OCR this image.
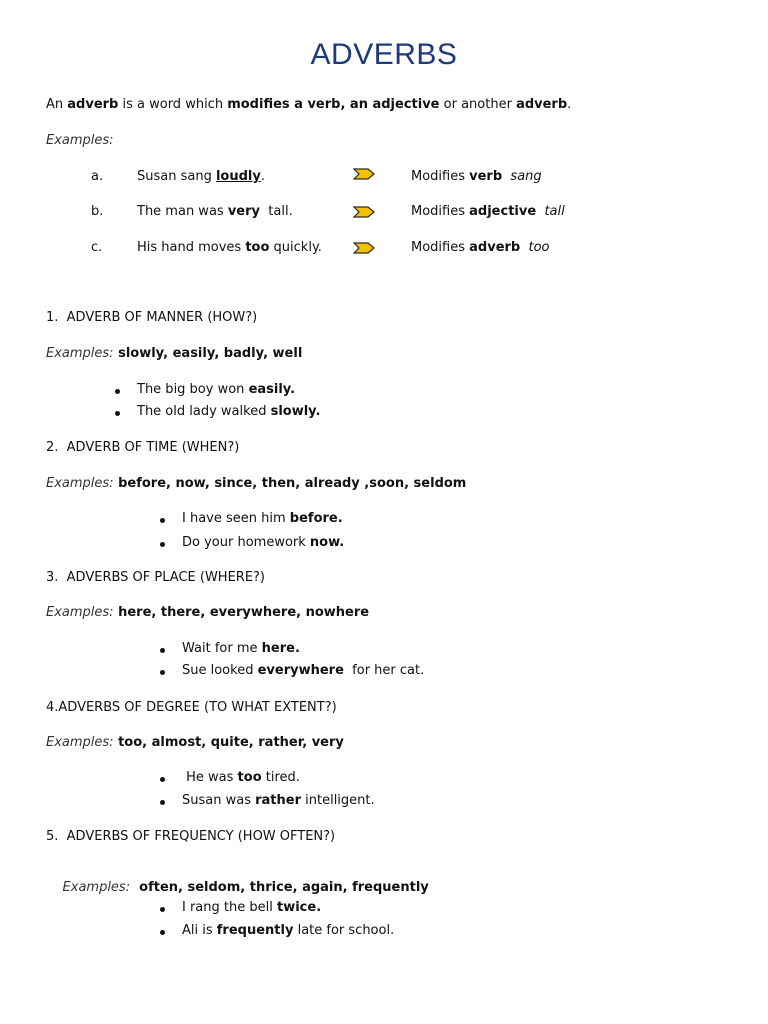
ADVERBS
An adverb is a word which modifies a verb, an adjective or another adverb.
Examples:
a.	Susan sang loudly.	Modifies verb sang
b.	The man was very  tall.	Modifies adjective tall
c.	His hand moves too quickly.	Modifies adverb too
1.  ADVERB OF MANNER (HOW?)
Examples: slowly, easily, badly, well
The big boy won easily.
The old lady walked slowly.
2.  ADVERB OF TIME (WHEN?)
Examples: before, now, since, then, already ,soon, seldom
I have seen him before.
Do your homework now.
3.  ADVERBS OF PLACE (WHERE?)
Examples: here, there, everywhere, nowhere
Wait for me here.
Sue looked everywhere  for her cat.
4.ADVERBS OF DEGREE (TO WHAT EXTENT?)
Examples: too, almost, quite, rather, very
He was too tired.
Susan was rather intelligent.
5.  ADVERBS OF FREQUENCY (HOW OFTEN?)

Examples:  often, seldom, thrice, again, frequently

I rang the bell twice.
Ali is frequently late for school.
